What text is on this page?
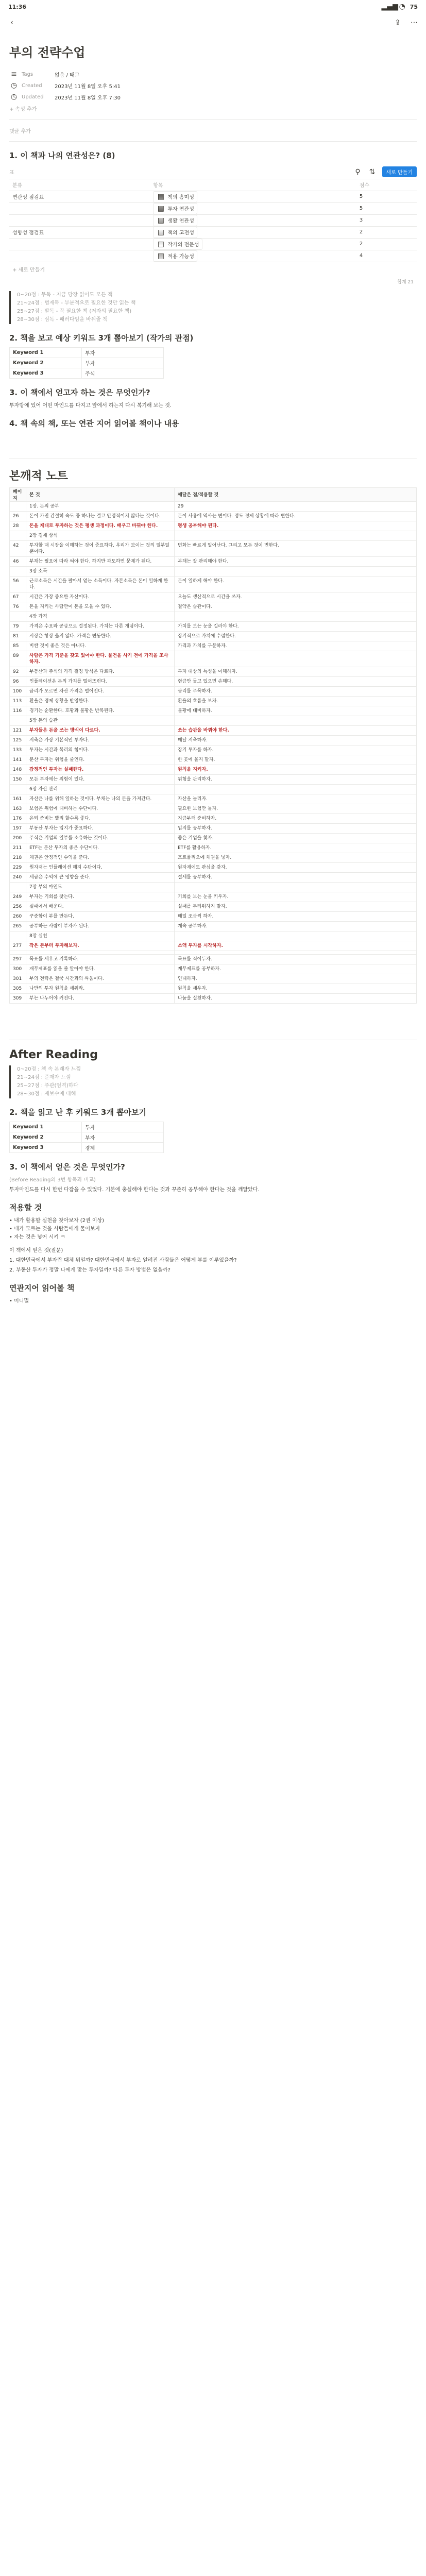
11:36	▂▄▆ ◔ 75
‹	⇪ ⋯
부의 전략수업
≡ Tags	없음 / 태그
◷ Created 2023년 11월 8일 오후 5:41
◷ Updated 2023년 11월 8일 오후 7:30
+ 속성 추가
댓글 추가
1. 이 책과 나의 연관성은? (8)
표	⚲ ⇅	새로 만들기
분류	항목	점수
연관성 점검표	▤ 책의 흥미성	5

▤ 투자 연관성	5

▤ 생활 연관성	3
성향성 점검표	▤ 책의 고전성	2

▤ 작가의 전문성	2

▤ 적용 가능성	4
+ 새로 만들기
합계 21
0~20점 : 무독 - 지금 당장 읽어도 모든 책
21~24점 : 범재독 - 부분적으로 필요한 것만 읽는 책
25~27점 : 발독 - 꼭 필요한 책 (저자의 필요한 책)
28~30점 : 심독 - 패러다임을 바꿔줄 책
2. 책을 보고 예상 키워드 3개 뽑아보기 (작가의 관점)
Keyword 1	투자
Keyword 2	부자
Keyword 3	주식
3. 이 책에서 얻고자 하는 것은 무엇인가?

투자방에 있어 어떤 마인드를 다지고 앞에서 하는지 다시 복기해 보는 것.

4. 책 속의 책, 또는 연관 지어 읽어볼 책이나 내용
본깨적 노트
페이지	본 것	깨달은 점/적용할 것
	1장. 돈의 공부	29
26	돈이 가진 간절히 속도 중 하나는 결코 안정적이지 않다는 것이다.	돈이 사용에 역사는 변이다. 정도 경제 상황에 따라 변한다.
28	돈을 제대로 투자하는 것은 평생 과정이다. 배우고 바꿔야 한다.	평생 공부해야 된다.
	2장 경제 상식	
42	투자할 때 시장을 이해하는 것이 중요하다. 우리가 보이는 것의 일부일 뿐이다.	변화는 빠르게 일어난다. 그리고 모든 것이 변한다.
46	부채는 필요에 따라 써야 한다. 하지만 과도하면 문제가 된다.	부채는 잘 관리해야 한다.
	3장 소득	
56	근로소득은 시간을 팔아서 얻는 소득이다. 자본소득은 돈이 일하게 한다.	돈이 일하게 해야 한다.
67	시간은 가장 중요한 자산이다.	오늘도 생산적으로 시간을 쓰자.
76	돈을 지키는 사람만이 돈을 모을 수 있다.	절약은 습관이다.
	4장 가격	
79	가격은 수요와 공급으로 결정된다. 가치는 다른 개념이다.	가치를 보는 눈을 길러야 한다.
81	시장은 항상 옳지 않다. 가격은 변동한다.	장기적으로 가치에 수렴한다.
85	비싼 것이 좋은 것은 아니다.	가격과 가치를 구분하자.
89	사람은 가격 기준을 갖고 있어야 한다. 물건을 사기 전에 가격을 조사하자.	
92	부동산과 주식의 가격 결정 방식은 다르다.	투자 대상의 특성을 이해하자.
96	인플레이션은 돈의 가치를 떨어뜨린다.	현금만 들고 있으면 손해다.
100	금리가 오르면 자산 가격은 떨어진다.	금리를 주목하자.
113	환율은 경제 상황을 반영한다.	환율의 흐름을 보자.
116	경기는 순환한다. 호황과 불황은 반복된다.	불황에 대비하자.
	5장 돈의 습관	
121	부자들은 돈을 쓰는 방식이 다르다.	쓰는 습관을 바꿔야 한다.
125	저축은 가장 기본적인 투자다.	매달 저축하자.
133	투자는 시간과 복리의 힘이다.	장기 투자를 하자.
141	분산 투자는 위험을 줄인다.	한 곳에 몰지 말자.
148	감정적인 투자는 실패한다.	원칙을 지키자.
150	모든 투자에는 위험이 있다.	위험을 관리하자.
	6장 자산 관리	
161	자산은 나를 위해 일하는 것이다. 부채는 나의 돈을 가져간다.	자산을 늘리자.
163	보험은 위험에 대비하는 수단이다.	필요한 보험만 들자.
176	은퇴 준비는 빨리 할수록 좋다.	지금부터 준비하자.
197	부동산 투자는 입지가 중요하다.	입지를 공부하자.
200	주식은 기업의 일부를 소유하는 것이다.	좋은 기업을 찾자.
211	ETF는 분산 투자의 좋은 수단이다.	ETF를 활용하자.
218	채권은 안정적인 수익을 준다.	포트폴리오에 채권을 넣자.
229	원자재는 인플레이션 헤지 수단이다.	원자재에도 관심을 갖자.
240	세금은 수익에 큰 영향을 준다.	절세를 공부하자.
	7장 부의 마인드	
249	부자는 기회를 찾는다.	기회를 보는 눈을 키우자.
256	실패에서 배운다.	실패를 두려워하지 말자.
260	꾸준함이 부를 만든다.	매일 조금씩 하자.
265	공부하는 사람이 부자가 된다.	계속 공부하자.
	8장 실천	
277	작은 돈부터 투자해보자.	소액 투자를 시작하자.

297	목표를 세우고 기록하라.	목표를 적어두자.
300	재무제표를 읽을 줄 알아야 한다.	재무제표를 공부하자.
301	부의 전략은 결국 시간과의 싸움이다.	인내하자.
305	나만의 투자 원칙을 세워라.	원칙을 세우자.
309	부는 나누어야 커진다.	나눔을 실천하자.
After Reading
0~20점 : 책 속 본래자 느낌
21~24점 : 준재자 느낌
25~27점 : 주관(엄격)하다
28~30점 : 재보수에 대해
2. 책을 읽고 난 후 키워드 3개 뽑아보기
Keyword 1	투자
Keyword 2	부자
Keyword 3	경제
3. 이 책에서 얻은 것은 무엇인가?

(Before Reading의 3번 항목과 비교)

투자마인드를 다시 한번 다잡을 수 있었다. 기본에 충실해야 한다는 것과 꾸준히 공부해야 한다는 것을 깨달았다.

적용할 것
• 내가 활용할 실천을 찾아보자 (2권 이상)
• 내가 모르는 것을 사람들에게 물어보자
• 자는 것은 넣어 시키 ㅋ

이 책에서 얻은 것(질문)

1. 대한민국에서 부자란 대체 뭐일까? 대한민국에서 부자로 알려진 사람들은 어떻게 부를 이루었을까?

2. 부동산 투자가 정말 나에게 맞는 투자일까? 다른 투자 방법은 없을까?

연관지어 읽어볼 책
• 미니멀
